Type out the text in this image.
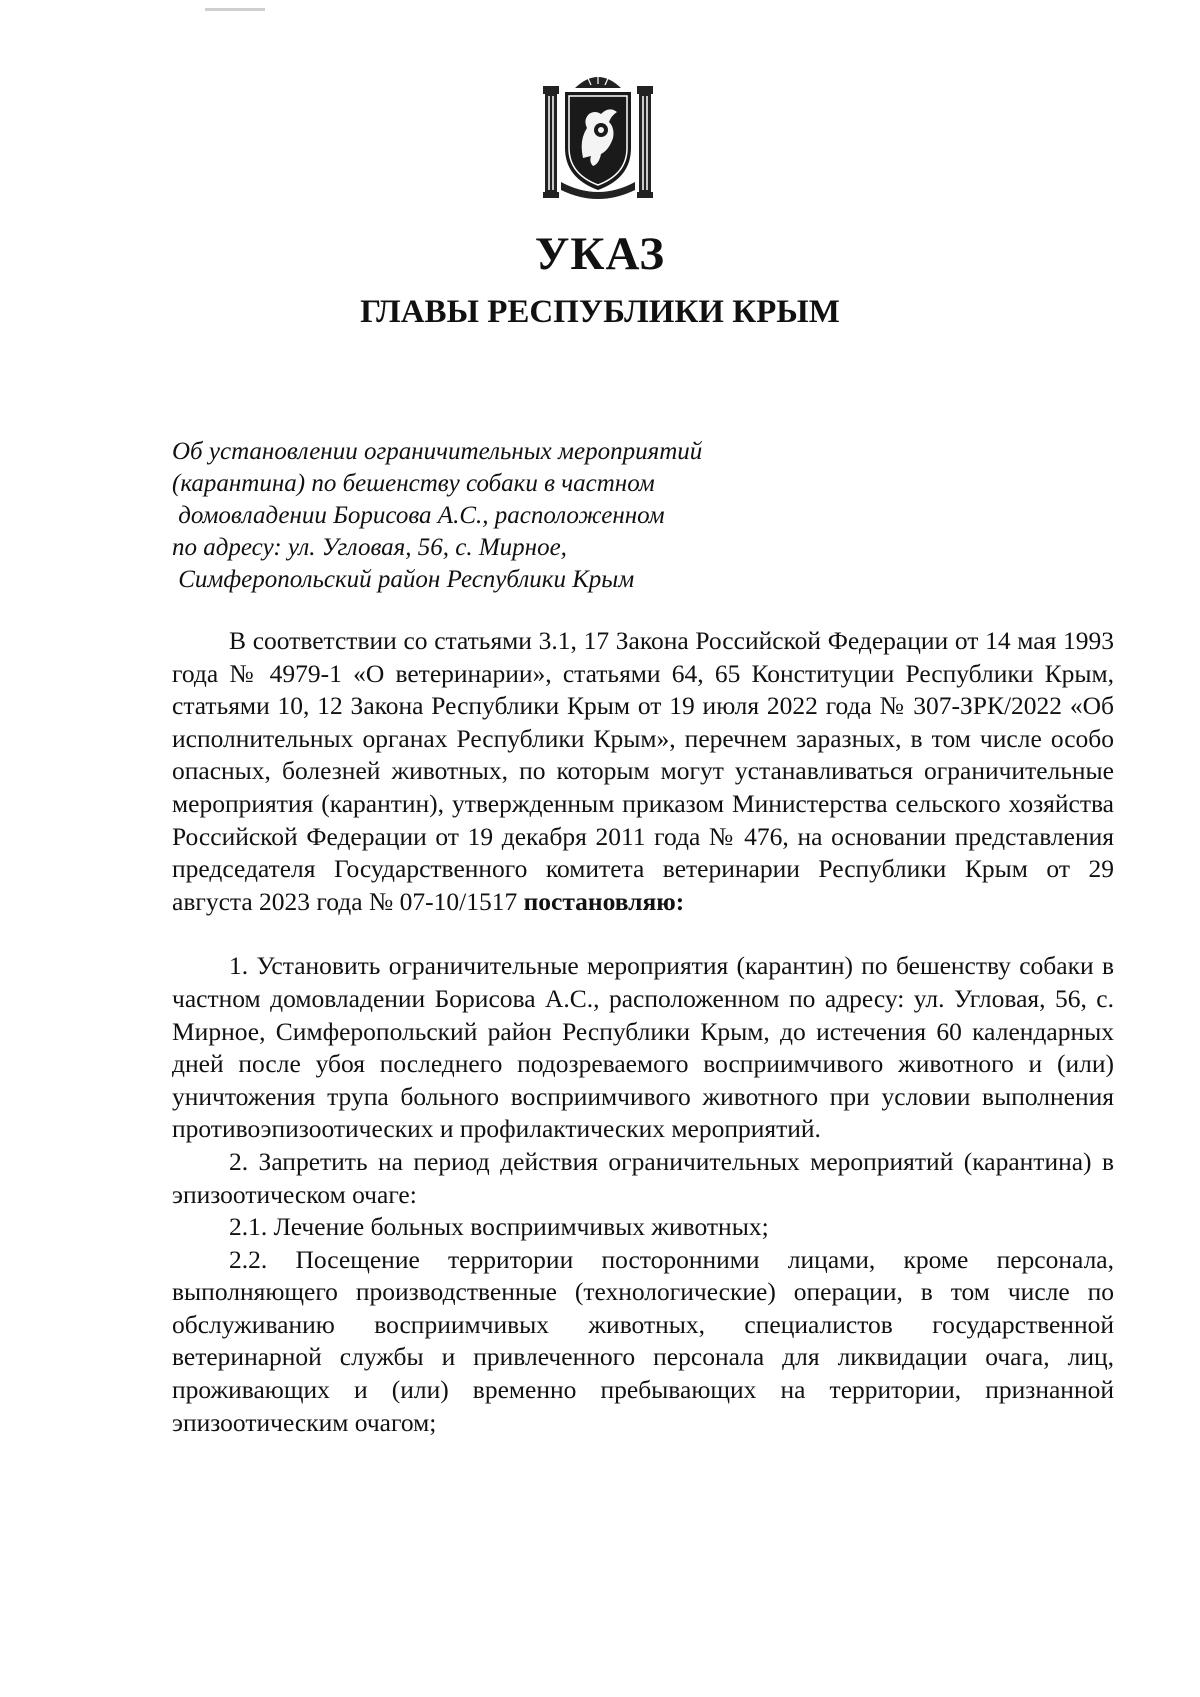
УКАЗ
ГЛАВЫ РЕСПУБЛИКИ КРЫМ
Об установлении ограничительных мероприятий
(карантина) по бешенству собаки в частном
домовладении Борисова А.С., расположенном
по адресу: ул. Угловая, 56, с. Мирное,
Симферопольский район Республики Крым

В соответствии со статьями 3.1, 17 Закона Российской Федерации от 14 мая 1993 года № 4979-1 «О ветеринарии», статьями 64, 65 Конституции Республики Крым, статьями 10, 12 Закона Республики Крым от 19 июля 2022 года № 307-ЗРК/2022 «Об исполнительных органах Республики Крым», перечнем заразных, в том числе особо опасных, болезней животных, по которым могут устанавливаться ограничительные мероприятия (карантин), утвержденным приказом Министерства сельского хозяйства Российской Федерации от 19 декабря 2011 года № 476, на основании представления председателя Государственного комитета ветеринарии Республики Крым от 29 августа 2023 года № 07-10/1517 постановляю:

1. Установить ограничительные мероприятия (карантин) по бешенству собаки в частном домовладении Борисова А.С., расположенном по адресу: ул. Угловая, 56, с. Мирное, Симферопольский район Республики Крым, до истечения 60 календарных дней после убоя последнего подозреваемого восприимчивого животного и (или) уничтожения трупа больного восприимчивого животного при условии выполнения противоэпизоотических и профилактических мероприятий.

2. Запретить на период действия ограничительных мероприятий (карантина) в эпизоотическом очаге:

2.1. Лечение больных восприимчивых животных;

2.2. Посещение территории посторонними лицами, кроме персонала, выполняющего производственные (технологические) операции, в том числе по обслуживанию восприимчивых животных, специалистов государственной ветеринарной службы и привлеченного персонала для ликвидации очага, лиц, проживающих и (или) временно пребывающих на территории, признанной эпизоотическим очагом;
